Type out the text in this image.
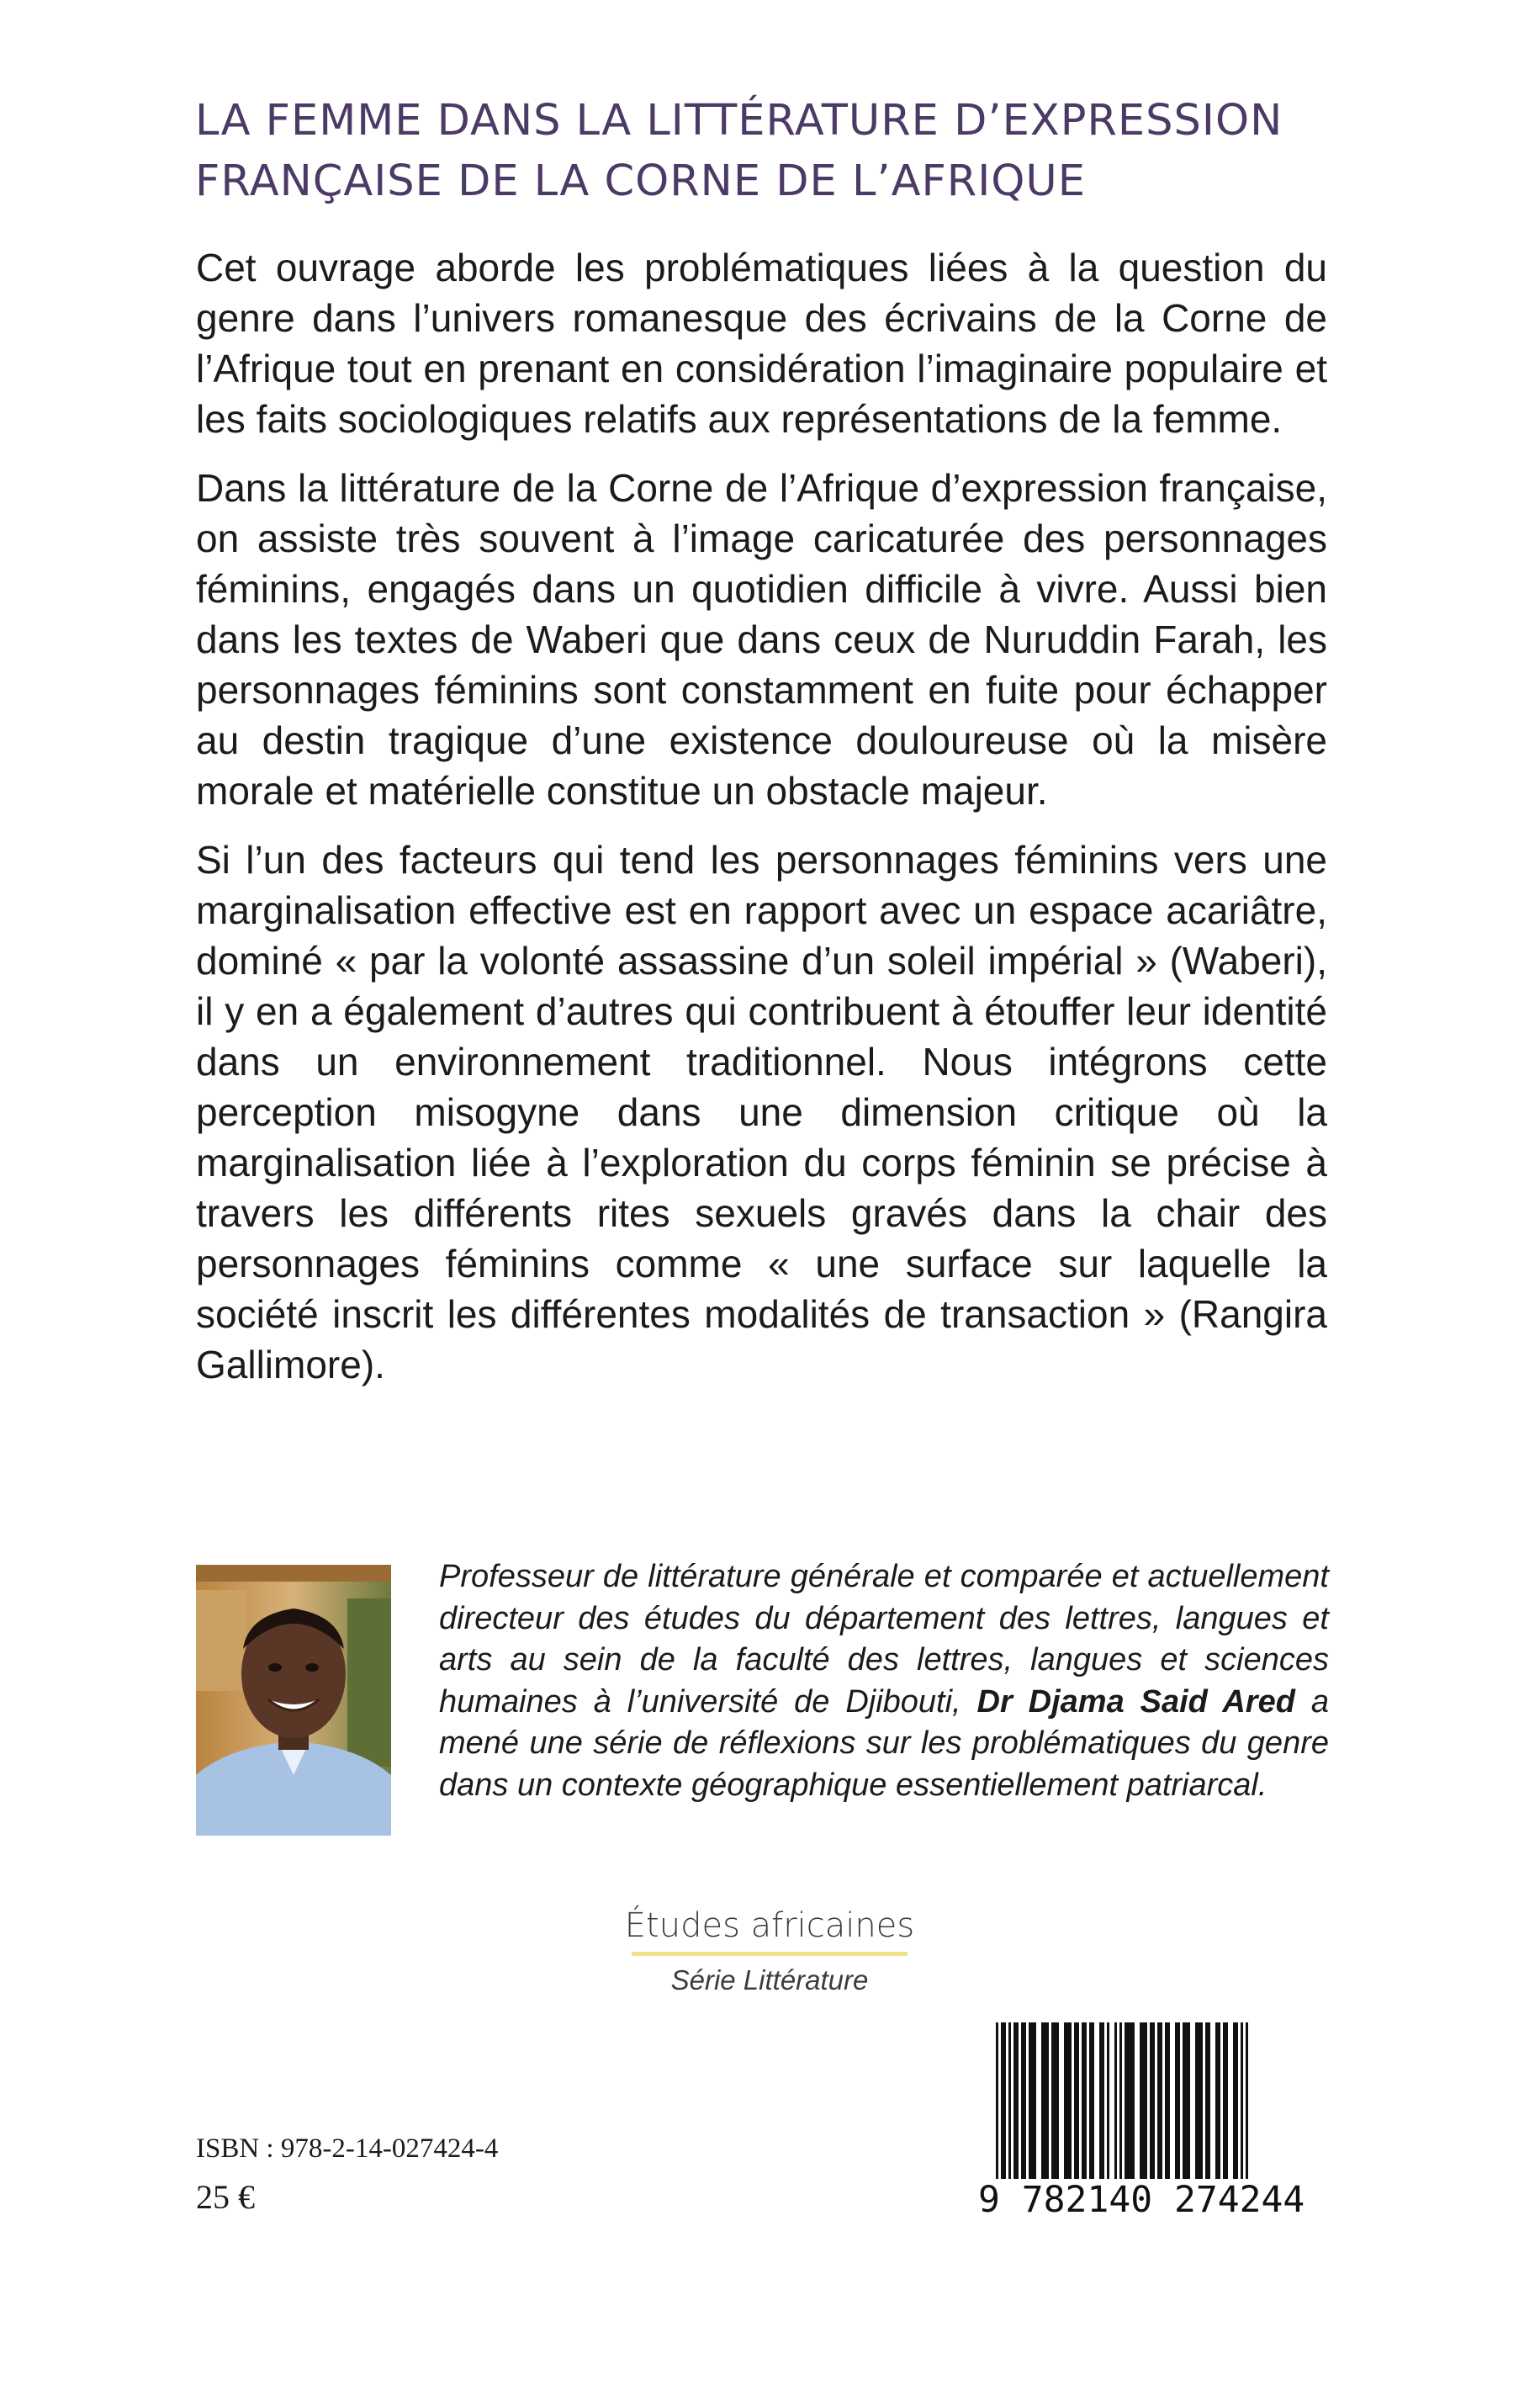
LA FEMME DANS LA LITTÉRATURE D’EXPRESSION
FRANÇAISE DE LA CORNE DE L’AFRIQUE

Cet ouvrage aborde les problématiques liées à la question du genre dans l’univers romanesque des écrivains de la Corne de l’Afrique tout en prenant en considération l’imaginaire populaire et les faits sociologiques relatifs aux représentations de la femme.

Dans la littérature de la Corne de l’Afrique d’expression française, on assiste très souvent à l’image caricaturée des personnages féminins, engagés dans un quotidien difficile à vivre. Aussi bien dans les textes de Waberi que dans ceux de Nuruddin Farah, les personnages féminins sont constamment en fuite pour échapper au destin tragique d’une existence douloureuse où la misère morale et matérielle constitue un obstacle majeur.

Si l’un des facteurs qui tend les personnages féminins vers une marginalisation effective est en rapport avec un espace acariâtre, dominé « par la volonté assassine d’un soleil impérial » (Waberi), il y en a également d’autres qui contribuent à étouffer leur identité dans un environnement traditionnel. Nous intégrons cette perception misogyne dans une dimension critique où la marginalisation liée à l’exploration du corps féminin se précise à travers les différents rites sexuels gravés dans la chair des personnages féminins comme « une surface sur laquelle la société inscrit les différentes modalités de transaction » (Rangira Gallimore).

Professeur de littérature générale et comparée et actuellement directeur des études du département des lettres, langues et arts au sein de la faculté des lettres, langues et sciences humaines à l’université de Djibouti, Dr Djama Said Ared a mené une série de réflexions sur les problématiques du genre dans un contexte géographique essentiellement patriarcal.
Études africaines
Série Littérature
ISBN : 978-2-14-027424-4
25 €	9 782140 274244
